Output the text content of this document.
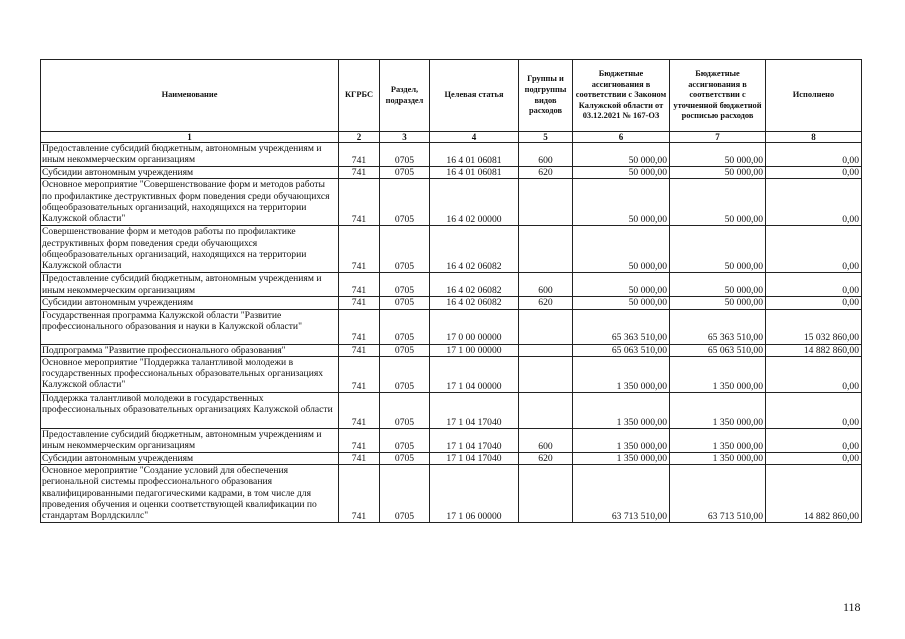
Наименование	КГРБС	Раздел, подраздел	Целевая статья	Группы и подгруппы видов расходов	Бюджетные ассигнования в соответствии с Законом Калужской области от 03.12.2021 № 167-ОЗ	Бюджетные ассигнования в соответствии с уточненной бюджетной росписью расходов	Исполнено
1	2	3	4	5	6	7	8
Предоставление субсидий бюджетным, автономным учреждениям и иным некоммерческим организациям	741	0705	16 4 01 06081	600	50 000,00	50 000,00	0,00
Субсидии автономным учреждениям	741	0705	16 4 01 06081	620	50 000,00	50 000,00	0,00
Основное мероприятие "Совершенствование форм и методов работы по профилактике деструктивных форм поведения среди обучающихся общеобразовательных организаций, находящихся на территории Калужской области"	741	0705	16 4 02 00000		50 000,00	50 000,00	0,00
Совершенствование форм и методов работы по профилактике деструктивных форм поведения среди обучающихся общеобразовательных организаций, находящихся на территории Калужской области	741	0705	16 4 02 06082		50 000,00	50 000,00	0,00
Предоставление субсидий бюджетным, автономным учреждениям и иным некоммерческим организациям	741	0705	16 4 02 06082	600	50 000,00	50 000,00	0,00
Субсидии автономным учреждениям	741	0705	16 4 02 06082	620	50 000,00	50 000,00	0,00
Государственная программа Калужской области "Развитие профессионального образования и науки в Калужской области"	741	0705	17 0 00 00000		65 363 510,00	65 363 510,00	15 032 860,00
Подпрограмма "Развитие профессионального образования"	741	0705	17 1 00 00000		65 063 510,00	65 063 510,00	14 882 860,00
Основное мероприятие "Поддержка талантливой молодежи в государственных профессиональных образовательных организациях Калужской области"	741	0705	17 1 04 00000		1 350 000,00	1 350 000,00	0,00
Поддержка талантливой молодежи в государственных профессиональных образовательных организациях Калужской области	741	0705	17 1 04 17040		1 350 000,00	1 350 000,00	0,00
Предоставление субсидий бюджетным, автономным учреждениям и иным некоммерческим организациям	741	0705	17 1 04 17040	600	1 350 000,00	1 350 000,00	0,00
Субсидии автономным учреждениям	741	0705	17 1 04 17040	620	1 350 000,00	1 350 000,00	0,00
Основное мероприятие "Создание условий для обеспечения региональной системы профессионального образования квалифицированными педагогическими кадрами, в том числе для проведения обучения и оценки соответствующей квалификации по стандартам Ворлдскиллс"	741	0705	17 1 06 00000		63 713 510,00	63 713 510,00	14 882 860,00
118
